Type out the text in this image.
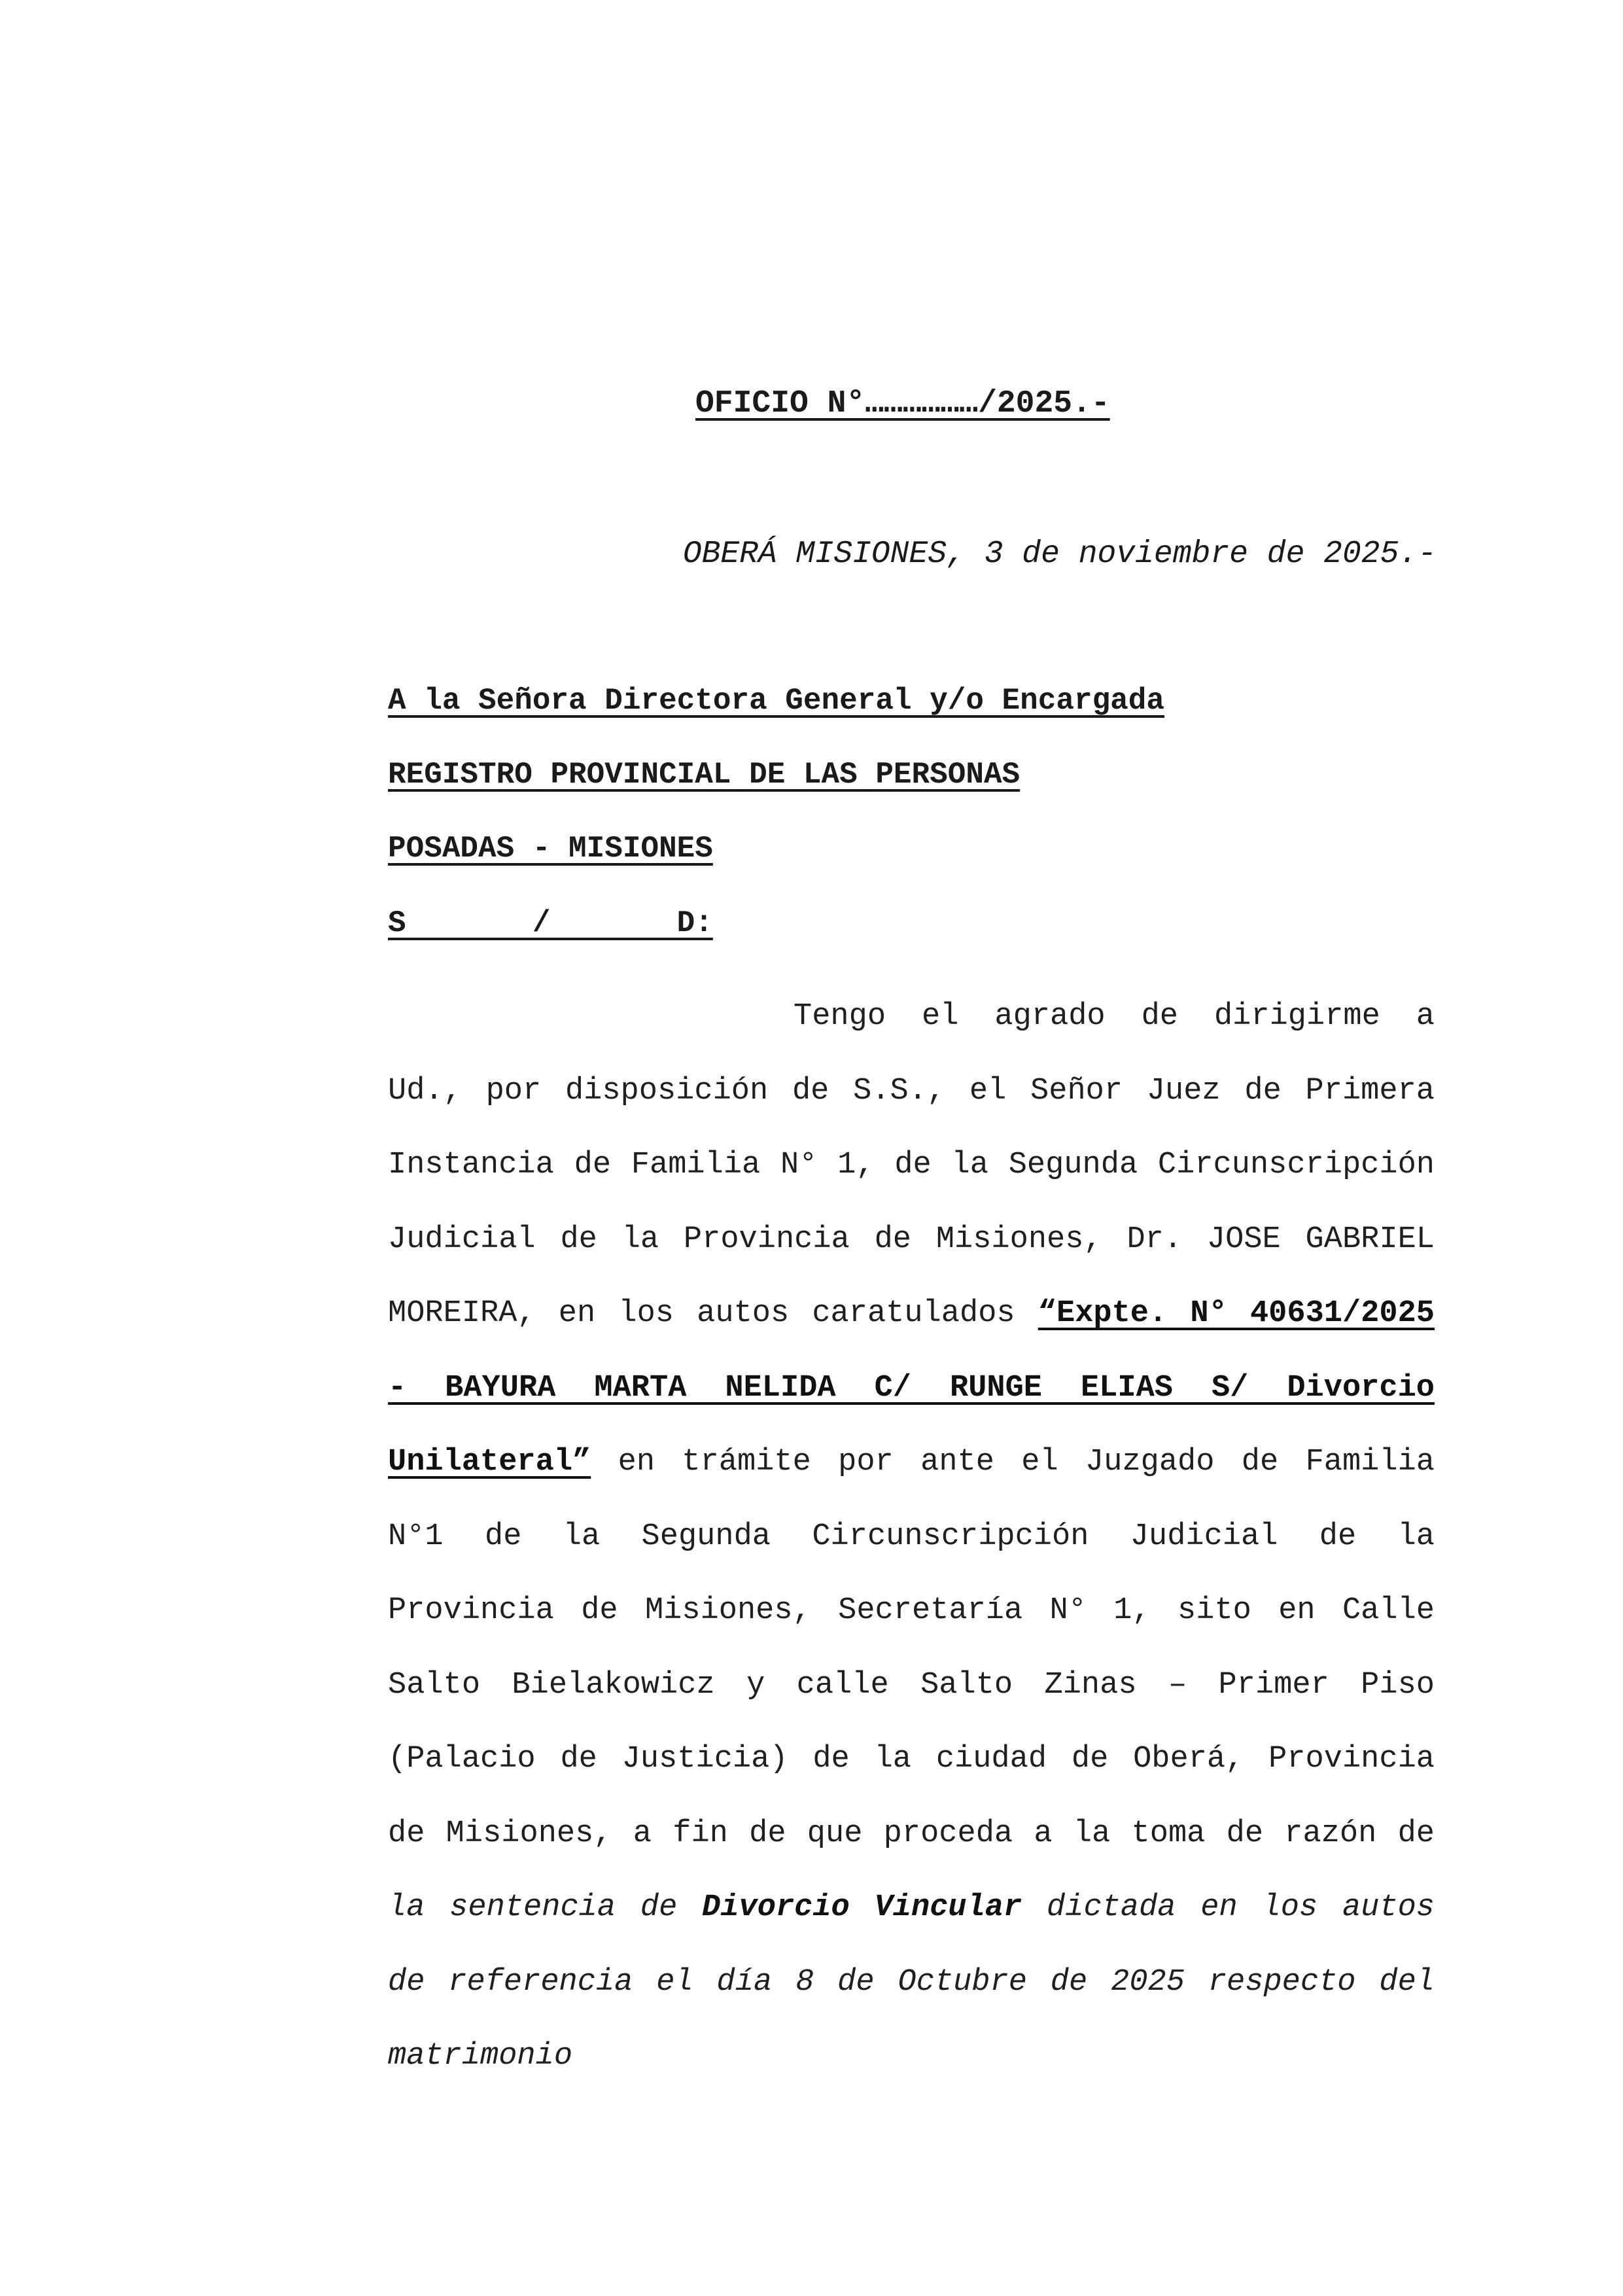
OFICIO N°………………/2025.-
OBERÁ MISIONES, 3 de noviembre de 2025.-
A la Señora Directora General y/o Encargada
REGISTRO PROVINCIAL DE LAS PERSONAS
POSADAS - MISIONES
S       /       D:
Tengo el agrado de dirigirme a Ud., por disposición de S.S., el Señor Juez de Primera Instancia de Familia N° 1, de la Segunda Circunscripción Judicial de la Provincia de Misiones, Dr. JOSE GABRIEL MOREIRA, en los autos caratulados “Expte. N° 40631/2025 - BAYURA MARTA NELIDA C/ RUNGE ELIAS S/ Divorcio Unilateral” en trámite por ante el Juzgado de Familia N°1 de la Segunda Circunscripción Judicial de la Provincia de Misiones, Secretaría N° 1, sito en Calle Salto Bielakowicz y calle Salto Zinas – Primer Piso (Palacio de Justicia) de la ciudad de Oberá, Provincia de Misiones, a fin de que proceda a la toma de razón de la sentencia de Divorcio Vincular dictada en los autos de referencia el día 8 de Octubre de 2025 respecto del matrimonio
